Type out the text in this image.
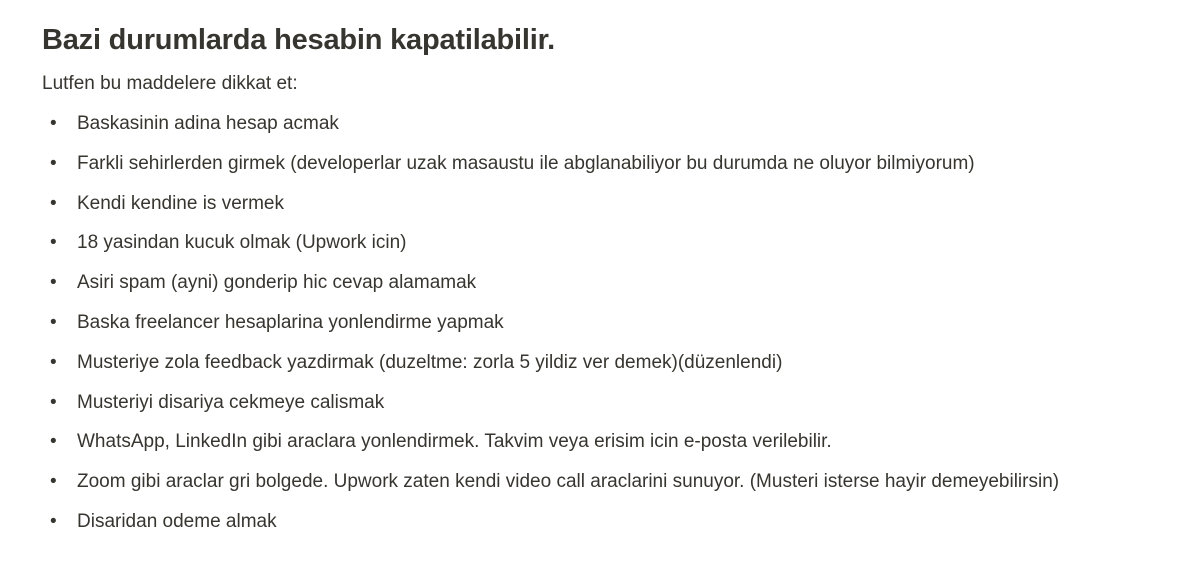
Bazi durumlarda hesabin kapatilabilir.
Lutfen bu maddelere dikkat et:
•	Baskasinin adina hesap acmak
•	Farkli sehirlerden girmek (developerlar uzak masaustu ile abglanabiliyor bu durumda ne oluyor bilmiyorum)
•	Kendi kendine is vermek
•	18 yasindan kucuk olmak (Upwork icin)
•	Asiri spam (ayni) gonderip hic cevap alamamak
•	Baska freelancer hesaplarina yonlendirme yapmak
•	Musteriye zola feedback yazdirmak (duzeltme: zorla 5 yildiz ver demek)(düzenlendi)
•	Musteriyi disariya cekmeye calismak
•	WhatsApp, LinkedIn gibi araclara yonlendirmek. Takvim veya erisim icin e-posta verilebilir.
•	Zoom gibi araclar gri bolgede. Upwork zaten kendi video call araclarini sunuyor. (Musteri isterse hayir demeyebilirsin)
•	Disaridan odeme almak
